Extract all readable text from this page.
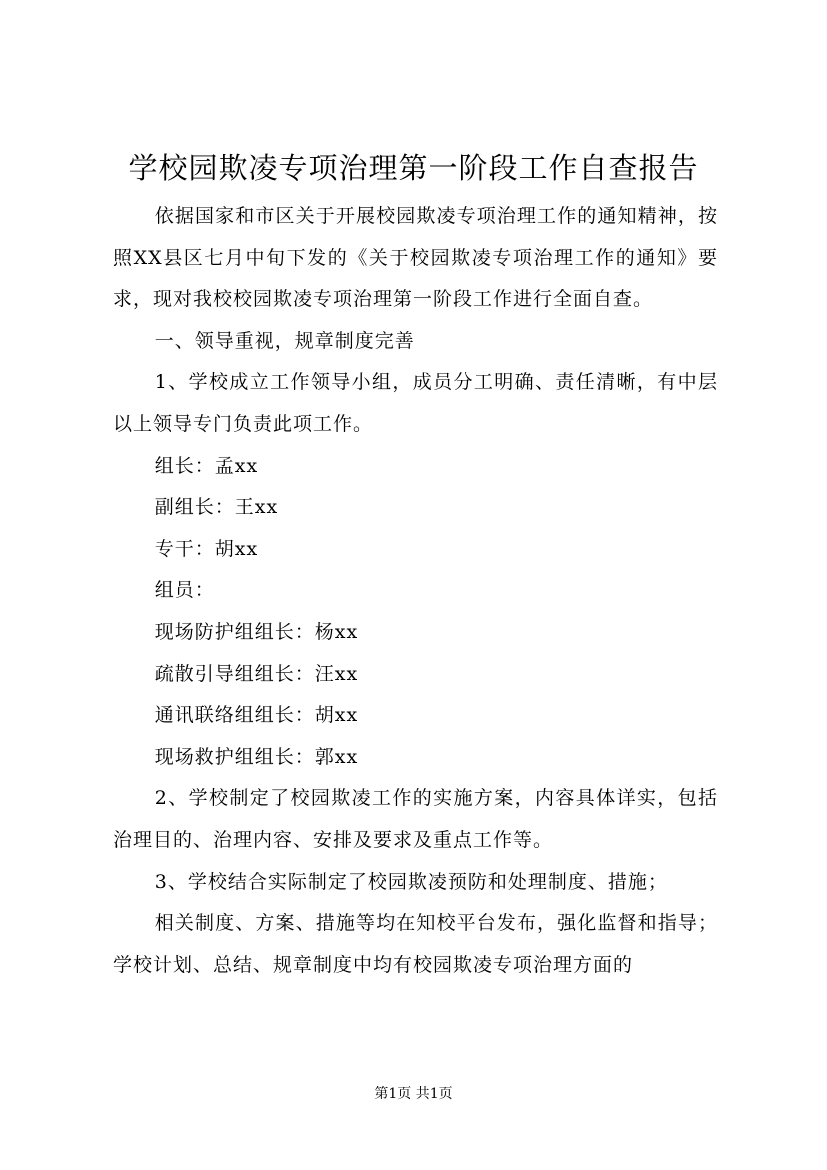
学校园欺凌专项治理第一阶段工作自查报告

依据国家和市区关于开展校园欺凌专项治理工作的通知精神，按照XX县区七月中旬下发的《关于校园欺凌专项治理工作的通知》要求，现对我校校园欺凌专项治理第一阶段工作进行全面自查。

一、领导重视，规章制度完善

1、学校成立工作领导小组，成员分工明确、责任清晰，有中层以上领导专门负责此项工作。

组长：孟xx

副组长：王xx

专干：胡xx

组员：

现场防护组组长：杨xx

疏散引导组组长：汪xx

通讯联络组组长：胡xx

现场救护组组长：郭xx

2、学校制定了校园欺凌工作的实施方案，内容具体详实，包括治理目的、治理内容、安排及要求及重点工作等。

3、学校结合实际制定了校园欺凌预防和处理制度、措施；

相关制度、方案、措施等均在知校平台发布，强化监督和指导；学校计划、总结、规章制度中均有校园欺凌专项治理方面的

第1页 共1页
